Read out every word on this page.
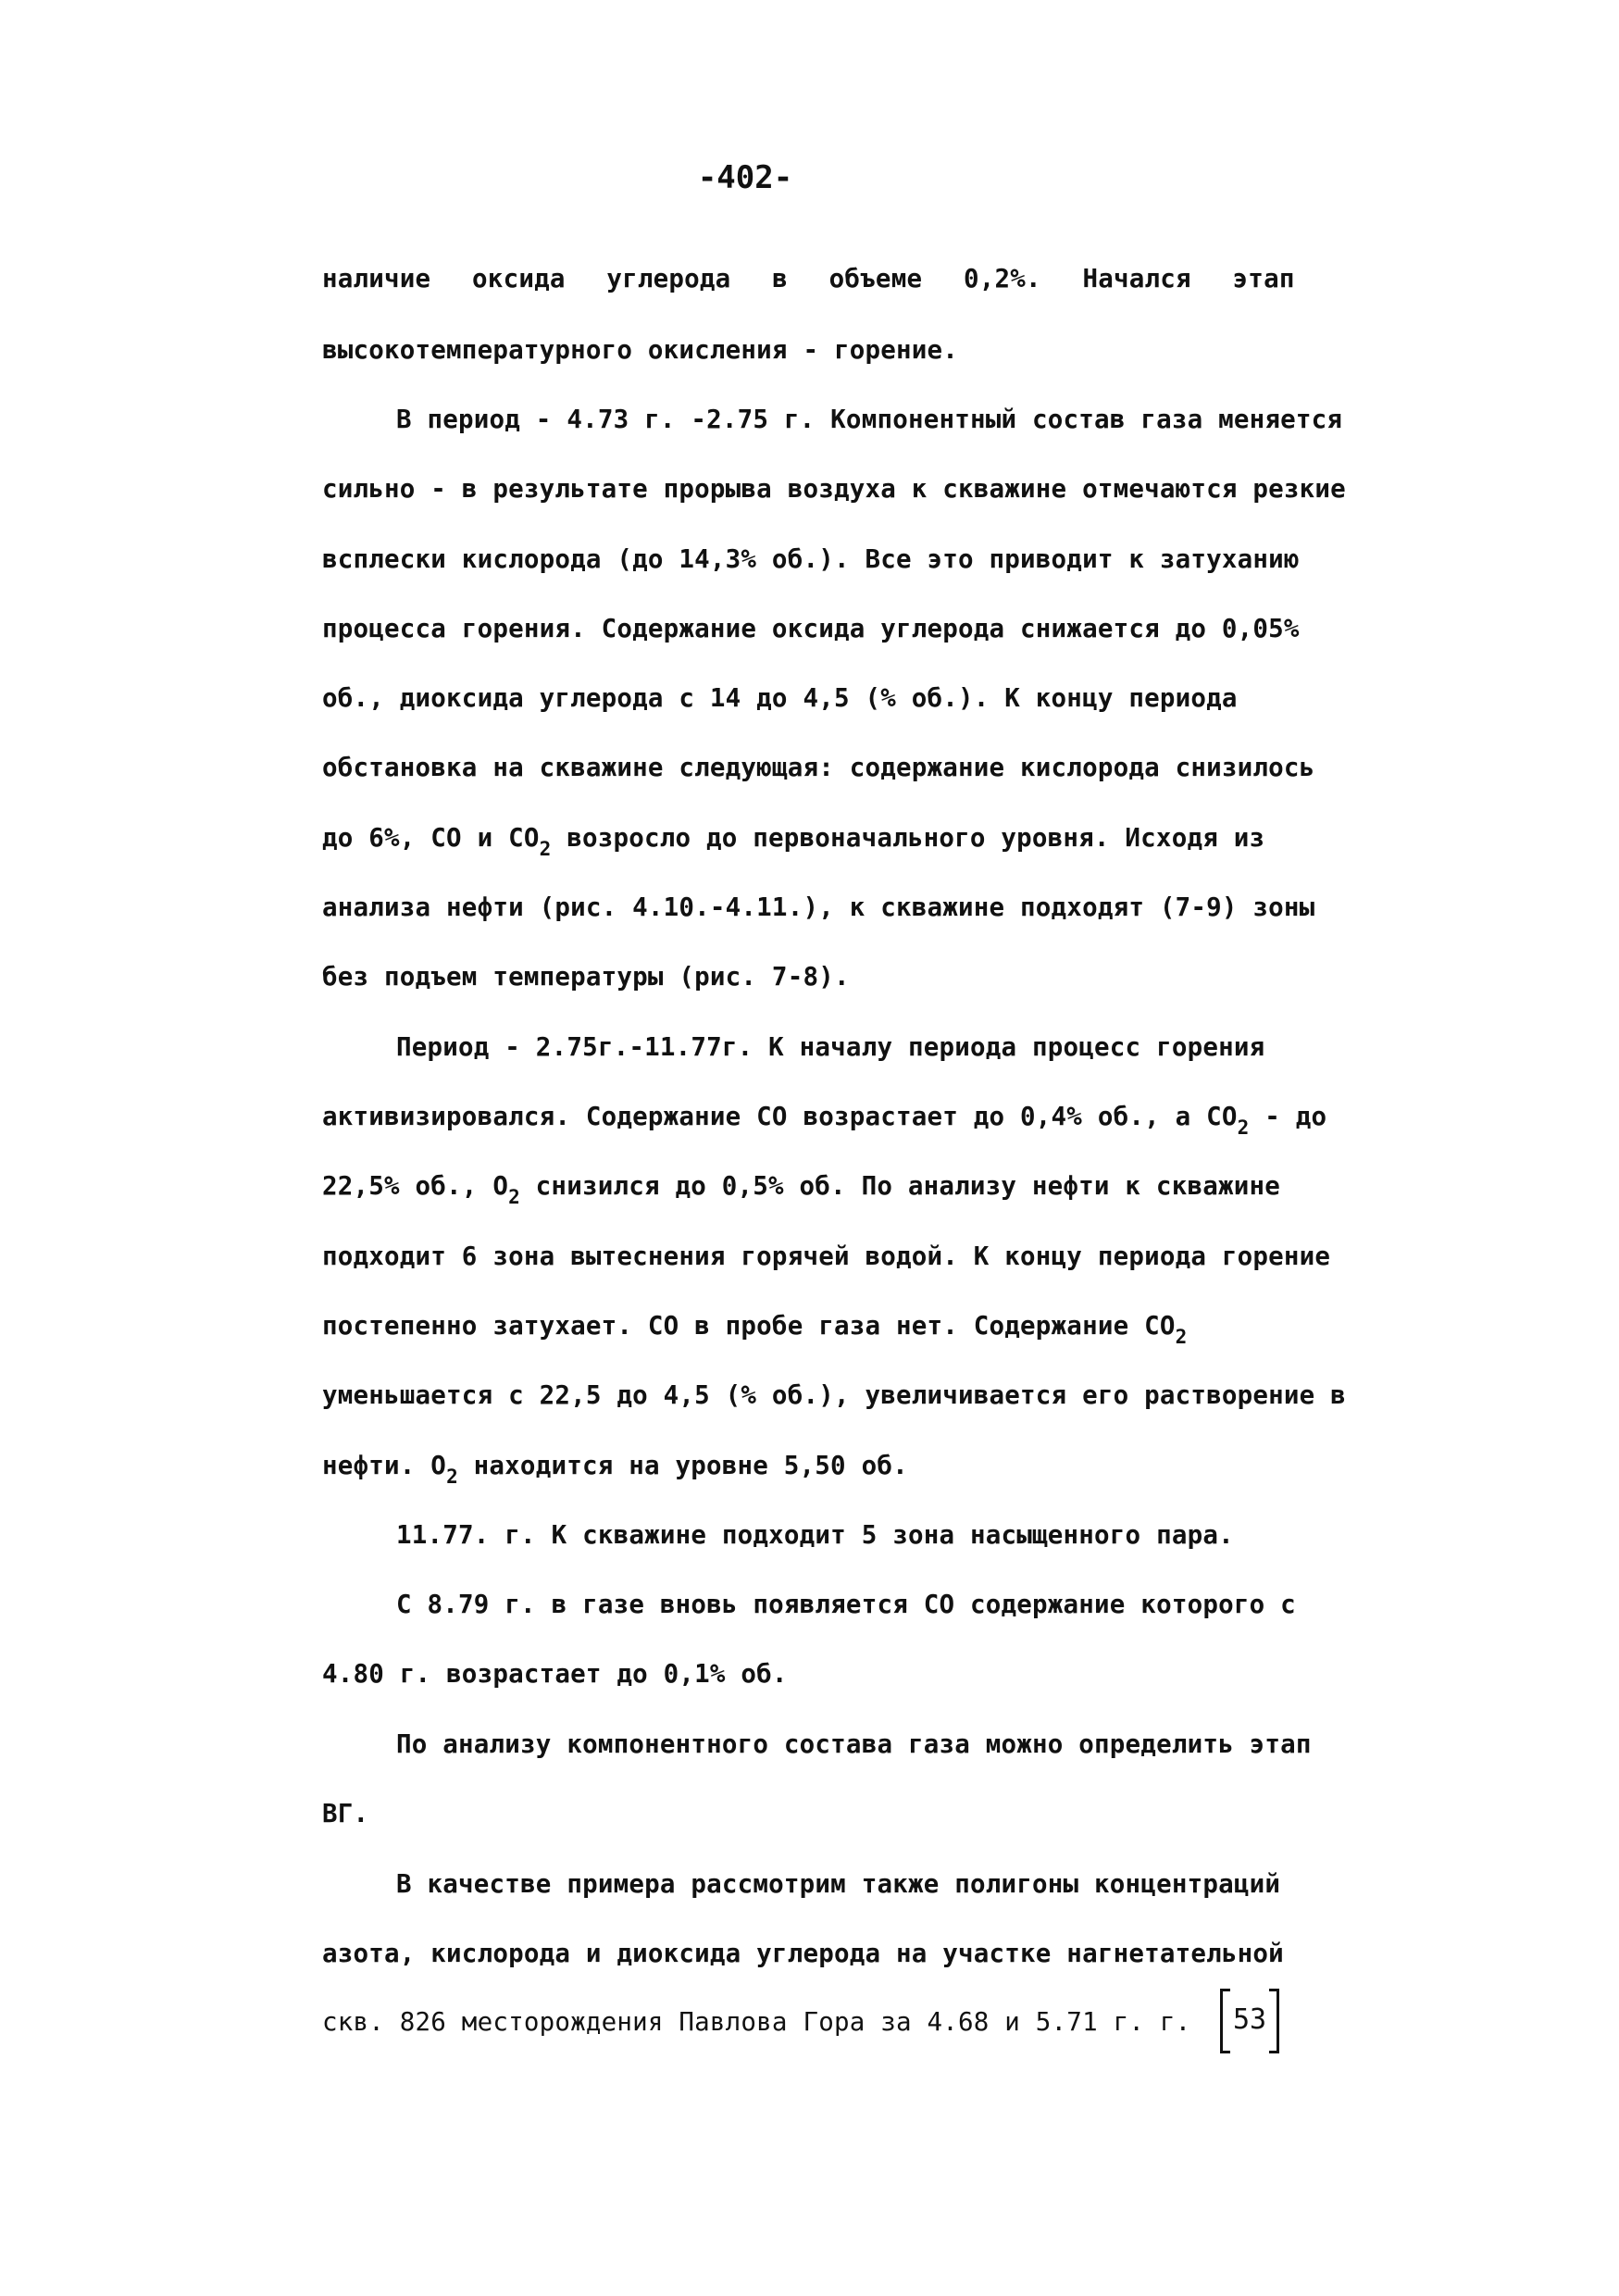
-402-
наличие оксида углерода в объеме 0,2%. Начался этап
высокотемпературного окисления - горение.
В период - 4.73 г. -2.75 г. Компонентный состав газа меняется
сильно - в результате прорыва воздуха к скважине отмечаются резкие
всплески кислорода (до 14,3% об.). Все это приводит к затуханию
процесса горения. Содержание оксида углерода снижается до 0,05%
об., диоксида углерода с 14 до 4,5 (% об.). К концу периода
обстановка на скважине следующая: содержание кислорода снизилось
до 6%, CO и $CO_2$ возросло до первоначального уровня. Исходя из
анализа нефти (рис. 4.10.-4.11.), к скважине подходят (7-9) зоны
без подъем температуры (рис. 7-8).
Период - 2.75г.-11.77г. К началу периода процесс горения
активизировался. Содержание CO возрастает до 0,4% об., а $CO_2$ - до
22,5% об., $O_2$ снизился до 0,5% об. По анализу нефти к скважине
подходит 6 зона вытеснения горячей водой. К концу периода горение
постепенно затухает. CO в пробе газа нет. Содержание $CO_2$
уменьшается с 22,5 до 4,5 (% об.), увеличивается его растворение в
нефти. $O_2$ находится на уровне 5,50 об.
11.77. г. К скважине подходит 5 зона насыщенного пара.
С 8.79 г. в газе вновь появляется CO содержание которого с
4.80 г. возрастает до 0,1% об.
По анализу компонентного состава газа можно определить этап
ВГ.
В качестве примера рассмотрим также полигоны концентраций
азота, кислорода и диоксида углерода на участке нагнетательной
скв. 826 месторождения Павлова Гора за 4.68 и 5.71 г. г.	53
